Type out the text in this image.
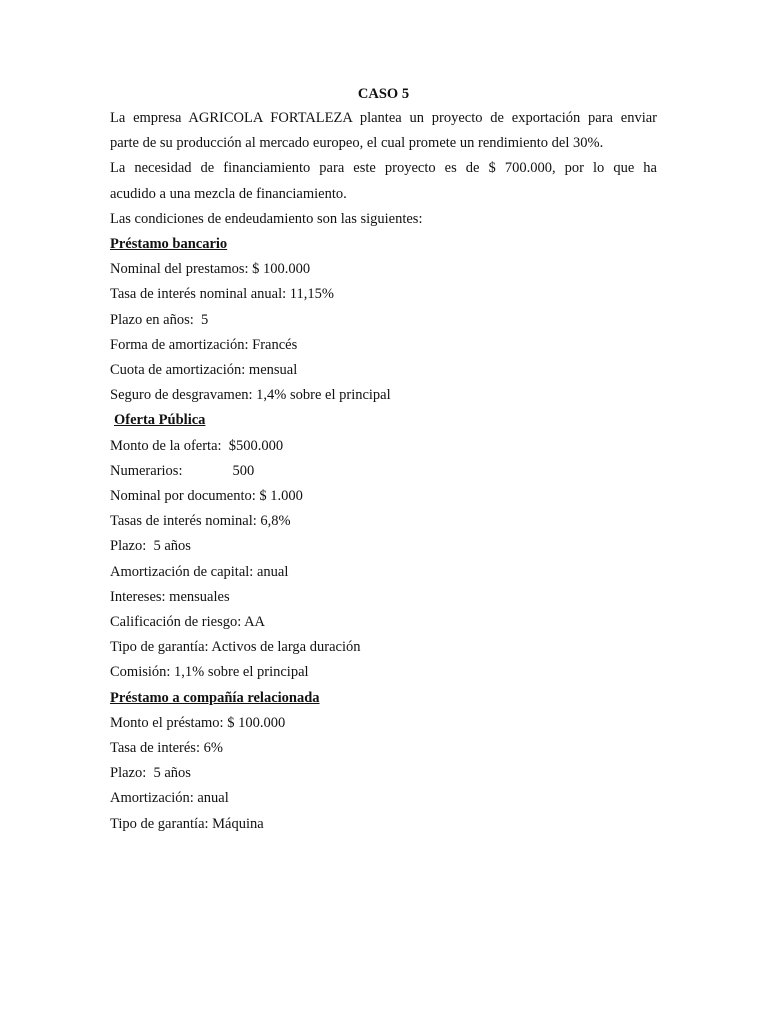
CASO 5

La empresa AGRICOLA FORTALEZA plantea un proyecto de exportación para enviar

parte de su producción al mercado europeo, el cual promete un rendimiento del 30%.

La necesidad de financiamiento para este proyecto es de $ 700.000, por lo que ha

acudido a una mezcla de financiamiento.

Las condiciones de endeudamiento son las siguientes:

Préstamo bancario

Nominal del prestamos: $ 100.000

Tasa de interés nominal anual: 11,15%

Plazo en años:  5

Forma de amortización: Francés

Cuota de amortización: mensual

Seguro de desgravamen: 1,4% sobre el principal

Oferta Pública

Monto de la oferta:  $500.000

Numerarios:	500

Nominal por documento: $ 1.000

Tasas de interés nominal: 6,8%

Plazo:  5 años

Amortización de capital: anual

Intereses: mensuales

Calificación de riesgo: AA

Tipo de garantía: Activos de larga duración

Comisión: 1,1% sobre el principal

Préstamo a compañía relacionada

Monto el préstamo: $ 100.000

Tasa de interés: 6%

Plazo:  5 años

Amortización: anual

Tipo de garantía: Máquina
